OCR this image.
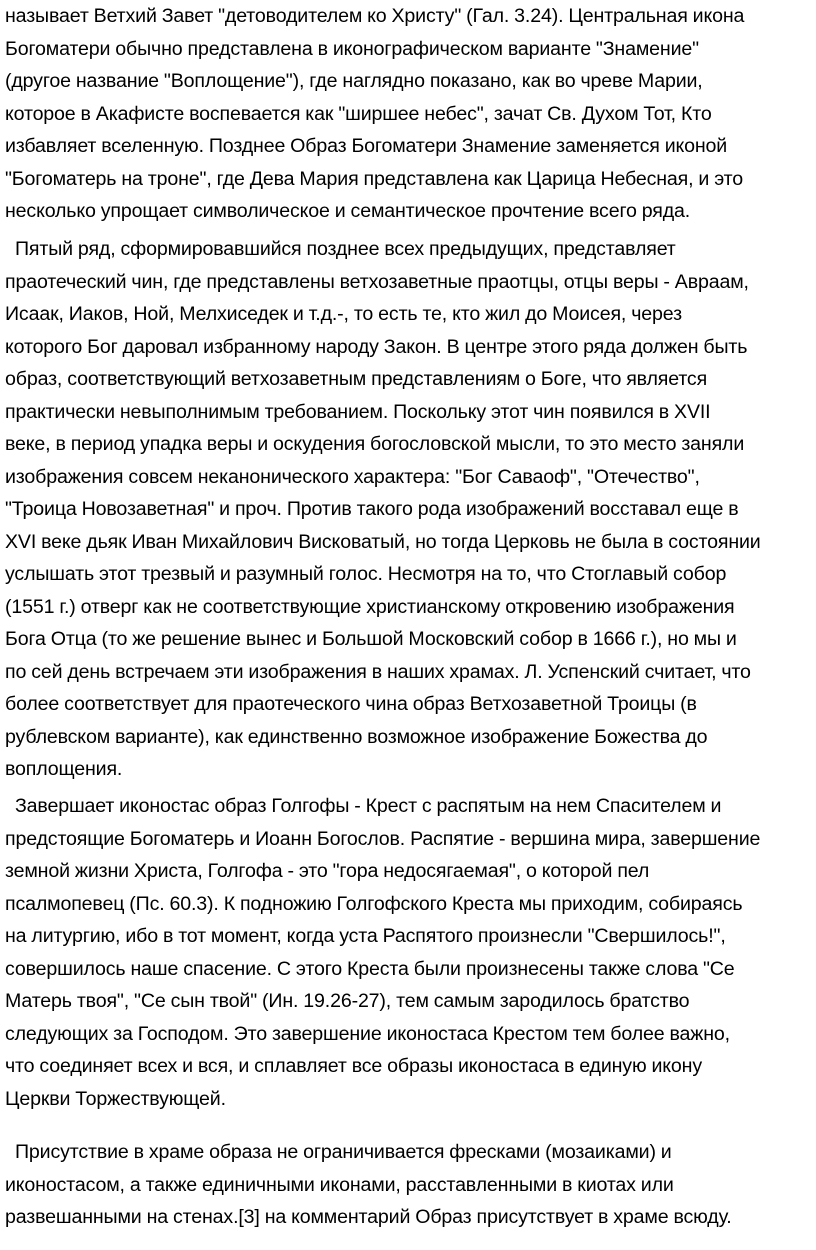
называет Ветхий Завет "детоводителем ко Христу" (Гал. 3.24). Центральная икона
Богоматери обычно представлена в иконографическом варианте "Знамение"
(другое название "Воплощение"), где наглядно показано, как во чреве Марии,
которое в Акафисте воспевается как "ширшее небес", зачат Св. Духом Тот, Кто
избавляет вселенную. Позднее Образ Богоматери Знамение заменяется иконой
"Богоматерь на троне", где Дева Мария представлена как Царица Небесная, и это
несколько упрощает символическое и семантическое прочтение всего ряда.
Пятый ряд, сформировавшийся позднее всех предыдущих, представляет
праотеческий чин, где представлены ветхозаветные праотцы, отцы веры - Авраам,
Исаак, Иаков, Ной, Мелхиседек и т.д.-, то есть те, кто жил до Моисея, через
которого Бог даровал избранному народу Закон. В центре этого ряда должен быть
образ, соответствующий ветхозаветным представлениям о Боге, что является
практически невыполнимым требованием. Поскольку этот чин появился в XVII
веке, в период упадка веры и оскудения богословской мысли, то это место заняли
изображения совсем неканонического характера: "Бог Саваоф", "Отечество",
"Троица Новозаветная" и проч. Против такого рода изображений восставал еще в
XVI веке дьяк Иван Михайлович Висковатый, но тогда Церковь не была в состоянии
услышать этот трезвый и разумный голос. Несмотря на то, что Стоглавый собор
(1551 г.) отверг как не соответствующие христианскому откровению изображения
Бога Отца (то же решение вынес и Большой Московский собор в 1666 г.), но мы и
по сей день встречаем эти изображения в наших храмах. Л. Успенский считает, что
более соответствует для праотеческого чина образ Ветхозаветной Троицы (в
рублевском варианте), как единственно возможное изображение Божества до
воплощения.
Завершает иконостас образ Голгофы - Крест с распятым на нем Спасителем и
предстоящие Богоматерь и Иоанн Богослов. Распятие - вершина мира, завершение
земной жизни Христа, Голгофа - это "гора недосягаемая", о которой пел
псалмопевец (Пс. 60.3). К подножию Голгофского Креста мы приходим, собираясь
на литургию, ибо в тот момент, когда уста Распятого произнесли "Свершилось!",
совершилось наше спасение. С этого Креста были произнесены также слова "Се
Матерь твоя", "Се сын твой" (Ин. 19.26-27), тем самым зародилось братство
следующих за Господом. Это завершение иконостаса Крестом тем более важно,
что соединяет всех и вся, и сплавляет все образы иконостаса в единую икону
Церкви Торжествующей.
Присутствие в храме образа не ограничивается фресками (мозаиками) и
иконостасом, а также единичными иконами, расставленными в киотах или
развешанными на стенах.[3] на комментарий Образ присутствует в храме всюду.
